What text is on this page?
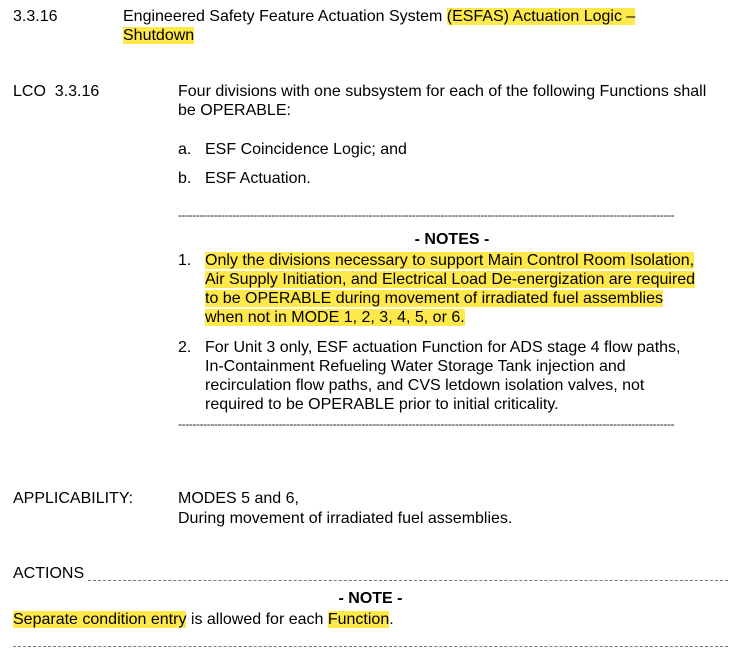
3.3.16	Engineered Safety Feature Actuation System (ESFAS) Actuation Logic –
Shutdown
LCO  3.3.16	Four divisions with one subsystem for each of the following Functions shall be OPERABLE:
a. ESF Coincidence Logic; and
b. ESF Actuation.
------------------------------------------------------------------------------------------------------------------------------------------
- NOTES -
1. Only the divisions necessary to support Main Control Room Isolation,
Air Supply Initiation, and Electrical Load De-energization are required
to be OPERABLE during movement of irradiated fuel assemblies
when not in MODE 1, 2, 3, 4, 5, or 6.
2. For Unit 3 only, ESF actuation Function for ADS stage 4 flow paths,
In-Containment Refueling Water Storage Tank injection and
recirculation flow paths, and CVS letdown isolation valves, not
required to be OPERABLE prior to initial criticality.
------------------------------------------------------------------------------------------------------------------------------------------
APPLICABILITY:	MODES 5 and 6,
During movement of irradiated fuel assemblies.
ACTIONS
- NOTE -
Separate condition entry is allowed for each Function.
